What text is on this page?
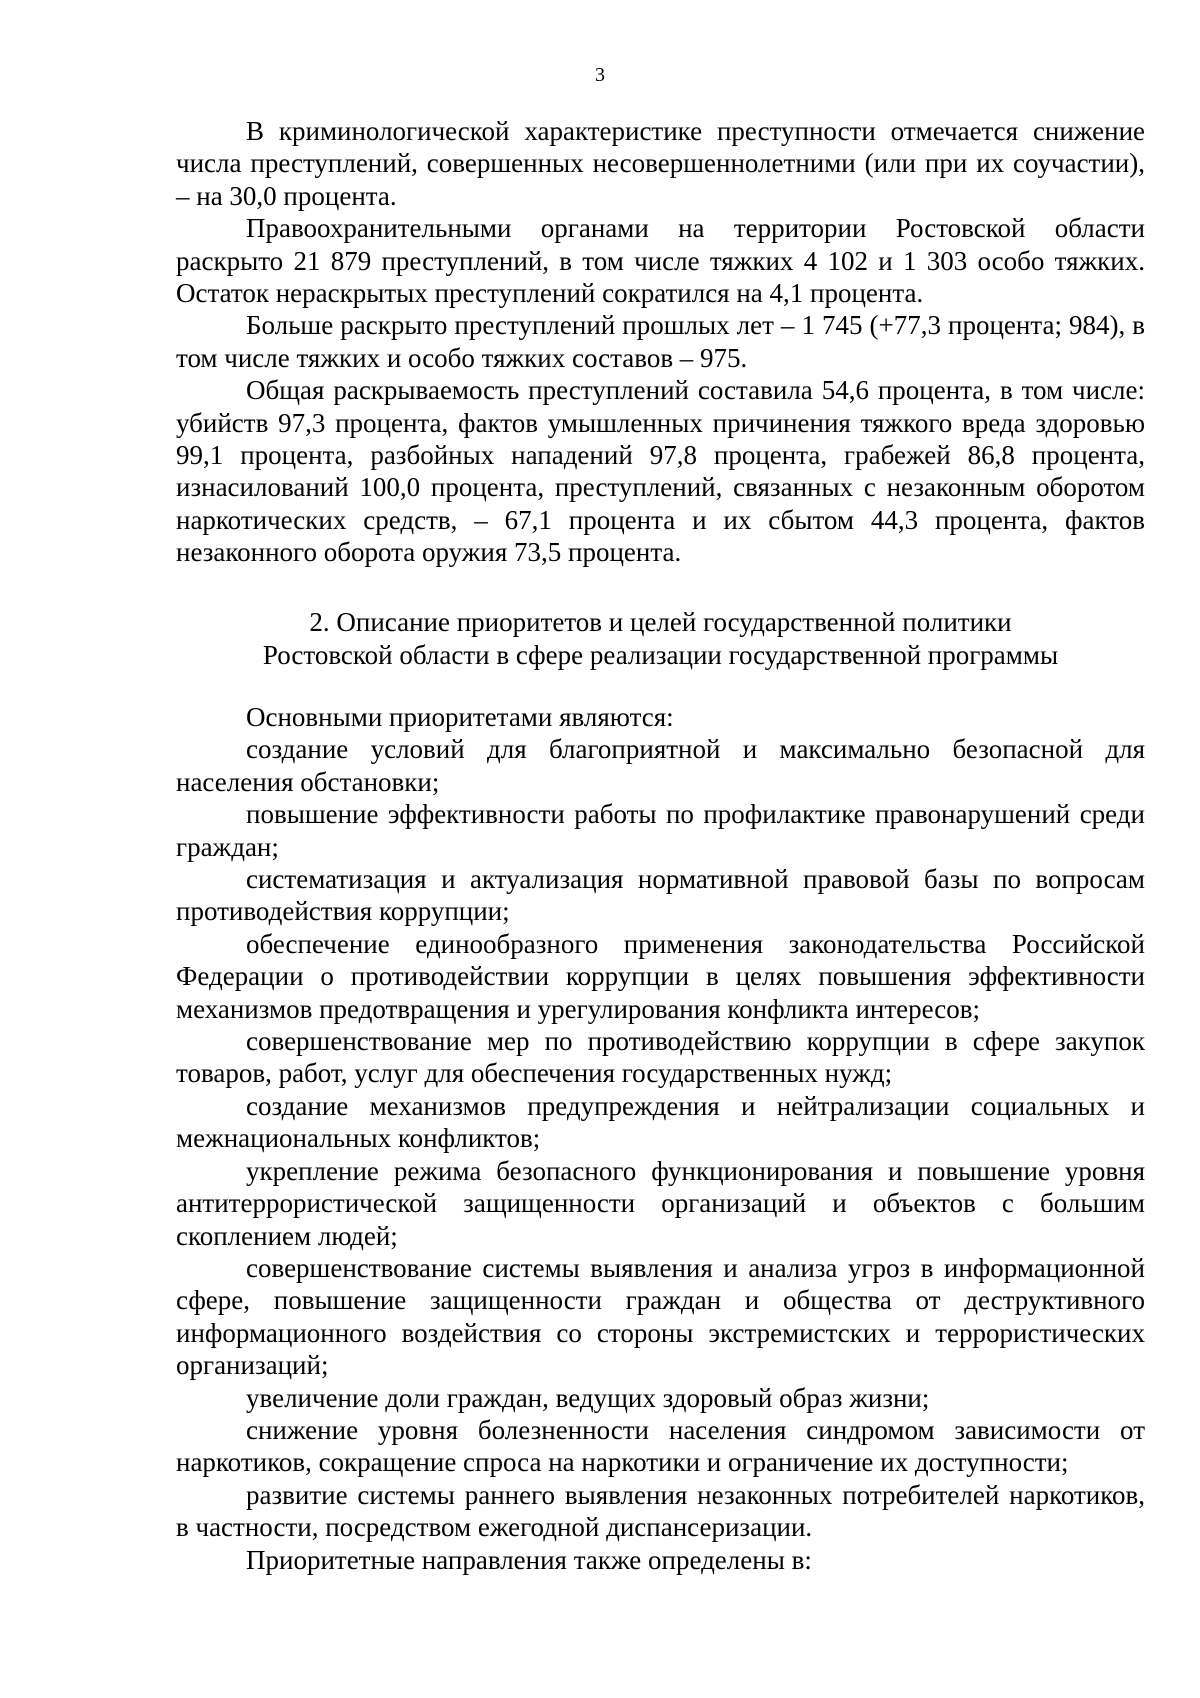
3

В криминологической характеристике преступности отмечается снижение числа преступлений, совершенных несовершеннолетними (или при их соучастии), – на 30,0 процента.

Правоохранительными органами на территории Ростовской области раскрыто 21 879 преступлений, в том числе тяжких 4 102 и 1 303 особо тяжких. Остаток нераскрытых преступлений сократился на 4,1 процента.

Больше раскрыто преступлений прошлых лет – 1 745 (+77,3 процента; 984), в том числе тяжких и особо тяжких составов – 975.

Общая раскрываемость преступлений составила 54,6 процента, в том числе: убийств 97,3 процента, фактов умышленных причинения тяжкого вреда здоровью 99,1 процента, разбойных нападений 97,8 процента, грабежей 86,8 процента, изнасилований 100,0 процента, преступлений, связанных с незаконным оборотом наркотических средств, – 67,1 процента и их сбытом 44,3 процента, фактов незаконного оборота оружия 73,5 процента.

2. Описание приоритетов и целей государственной политики

Ростовской области в сфере реализации государственной программы

Основными приоритетами являются:

создание условий для благоприятной и максимально безопасной для населения обстановки;

повышение эффективности работы по профилактике правонарушений среди граждан;

систематизация и актуализация нормативной правовой базы по вопросам противодействия коррупции;

обеспечение единообразного применения законодательства Российской Федерации о противодействии коррупции в целях повышения эффективности механизмов предотвращения и урегулирования конфликта интересов;

совершенствование мер по противодействию коррупции в сфере закупок товаров, работ, услуг для обеспечения государственных нужд;

создание механизмов предупреждения и нейтрализации социальных и межнациональных конфликтов;

укрепление режима безопасного функционирования и повышение уровня антитеррористической защищенности организаций и объектов с большим скоплением людей;

совершенствование системы выявления и анализа угроз в информационной сфере, повышение защищенности граждан и общества от деструктивного информационного воздействия со стороны экстремистских и террористических организаций;

увеличение доли граждан, ведущих здоровый образ жизни;

снижение уровня болезненности населения синдромом зависимости от наркотиков, сокращение спроса на наркотики и ограничение их доступности;

развитие системы раннего выявления незаконных потребителей наркотиков, в частности, посредством ежегодной диспансеризации.

Приоритетные направления также определены в:
